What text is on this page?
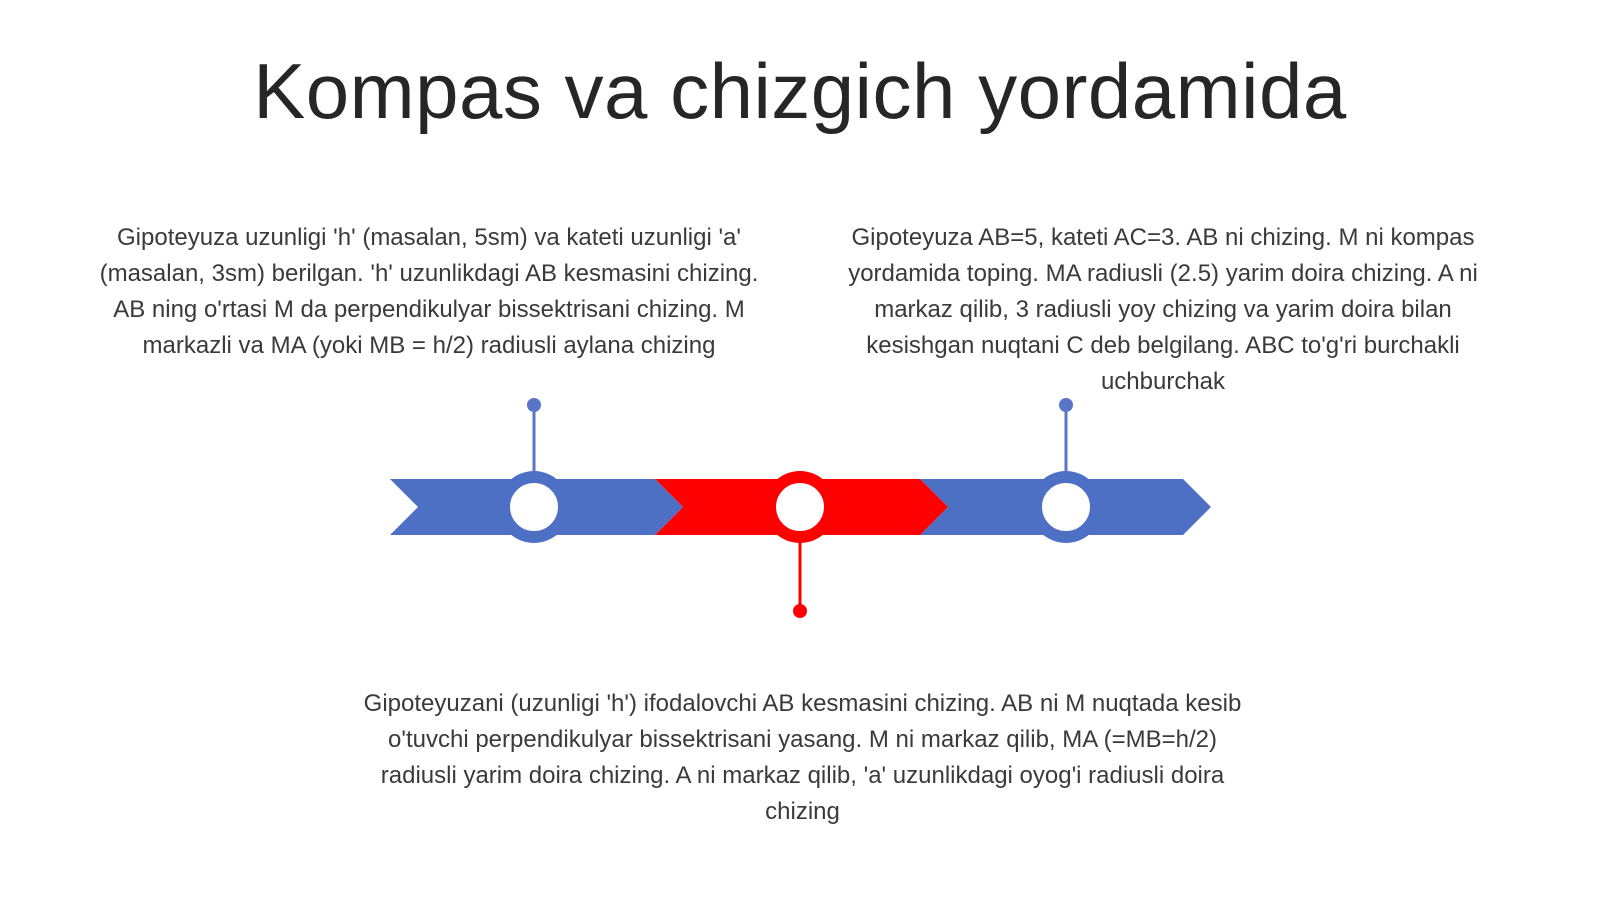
Kompas va chizgich yordamida
Gipoteyuza uzunligi 'h' (masalan, 5sm) va kateti uzunligi 'a' (masalan, 3sm) berilgan. 'h' uzunlikdagi AB kesmasini chizing. AB ning o'rtasi M da perpendikulyar bissektrisani chizing. M markazli va MA (yoki MB = h/2) radiusli aylana chizing
Gipoteyuza AB=5, kateti AC=3. AB ni chizing. M ni kompas yordamida toping. MA radiusli (2.5) yarim doira chizing. A ni markaz qilib, 3 radiusli yoy chizing va yarim doira bilan kesishgan nuqtani C deb belgilang. ABC to'g'ri burchakli uchburchak
Gipoteyuzani (uzunligi 'h') ifodalovchi AB kesmasini chizing. AB ni M nuqtada kesib o'tuvchi perpendikulyar bissektrisani yasang. M ni markaz qilib, MA (=MB=h/2) radiusli yarim doira chizing. A ni markaz qilib, 'a' uzunlikdagi oyog'i radiusli doira chizing
